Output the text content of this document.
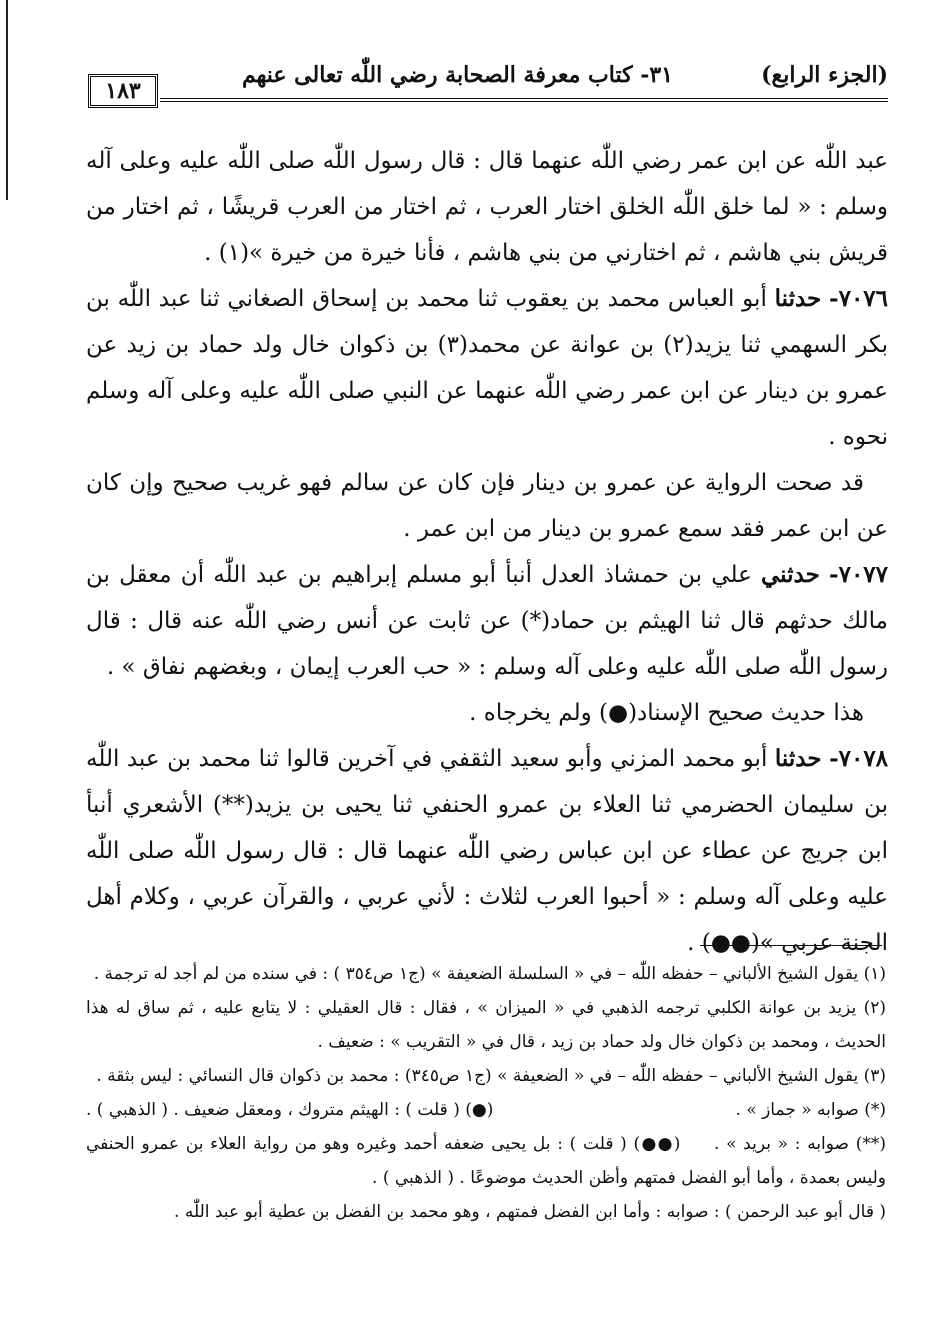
(الجزء الرابع)
٣١- كتاب معرفة الصحابة رضي اللّٰه تعالى عنهم
١٨٣

عبد اللّٰه عن ابن عمر رضي اللّٰه عنهما قال : قال رسول اللّٰه صلى اللّٰه عليه وعلى آله وسلم : « لما خلق اللّٰه الخلق اختار العرب ، ثم اختار من العرب قريشًا ، ثم اختار من قريش بني هاشم ، ثم اختارني من بني هاشم ، فأنا خيرة من خيرة »(١) .

٧٠٧٦- حدثنا أبو العباس محمد بن يعقوب ثنا محمد بن إسحاق الصغاني ثنا عبد اللّٰه بن بكر السهمي ثنا يزيد(٢) بن عوانة عن محمد(٣) بن ذكوان خال ولد حماد بن زيد عن عمرو بن دينار عن ابن عمر رضي اللّٰه عنهما عن النبي صلى اللّٰه عليه وعلى آله وسلم نحوه .

قد صحت الرواية عن عمرو بن دينار فإن كان عن سالم فهو غريب صحيح وإن كان عن ابن عمر فقد سمع عمرو بن دينار من ابن عمر .

٧٠٧٧- حدثني علي بن حمشاذ العدل أنبأ أبو مسلم إبراهيم بن عبد اللّٰه أن معقل بن مالك حدثهم قال ثنا الهيثم بن حماد(*) عن ثابت عن أنس رضي اللّٰه عنه قال : قال رسول اللّٰه صلى اللّٰه عليه وعلى آله وسلم : « حب العرب إيمان ، وبغضهم نفاق » .

هذا حديث صحيح الإسناد(●) ولم يخرجاه .

٧٠٧٨- حدثنا أبو محمد المزني وأبو سعيد الثقفي في آخرين قالوا ثنا محمد بن عبد اللّٰه بن سليمان الحضرمي ثنا العلاء بن عمرو الحنفي ثنا يحيى بن يزيد(**) الأشعري أنبأ ابن جريج عن عطاء عن ابن عباس رضي اللّٰه عنهما قال : قال رسول اللّٰه صلى اللّٰه عليه وعلى آله وسلم : « أحبوا العرب لثلاث : لأني عربي ، والقرآن عربي ، وكلام أهل الجنة عربي »(●●) .

(١) يقول الشيخ الألباني – حفظه اللّٰه – في « السلسلة الضعيفة » (ج١ ص٣٥٤ ) : في سنده من لم أجد له ترجمة .

(٢) يزيد بن عوانة الكلبي ترجمه الذهبي في « الميزان » ، فقال : قال العقيلي : لا يتابع عليه ، ثم ساق له هذا الحديث ، ومحمد بن ذكوان خال ولد حماد بن زيد ، قال في « التقريب » : ضعيف .

(٣) يقول الشيخ الألباني – حفظه اللّٰه – في « الضعيفة » (ج١ ص٣٤٥) : محمد بن ذكوان قال النسائي : ليس بثقة .

(*) صوابه « جماز » .
(●) ( قلت ) : الهيثم متروك ، ومعقل ضعيف . ( الذهبي ) .

(**) صوابه : « بريد » .     (●●) ( قلت ) : بل يحيى ضعفه أحمد وغيره وهو من رواية العلاء بن عمرو الحنفي وليس بعمدة ، وأما أبو الفضل فمتهم وأظن الحديث موضوعًا . ( الذهبي ) .

( قال أبو عبد الرحمن ) : صوابه : وأما ابن الفضل فمتهم ، وهو محمد بن الفضل بن عطية أبو عبد اللّٰه .
